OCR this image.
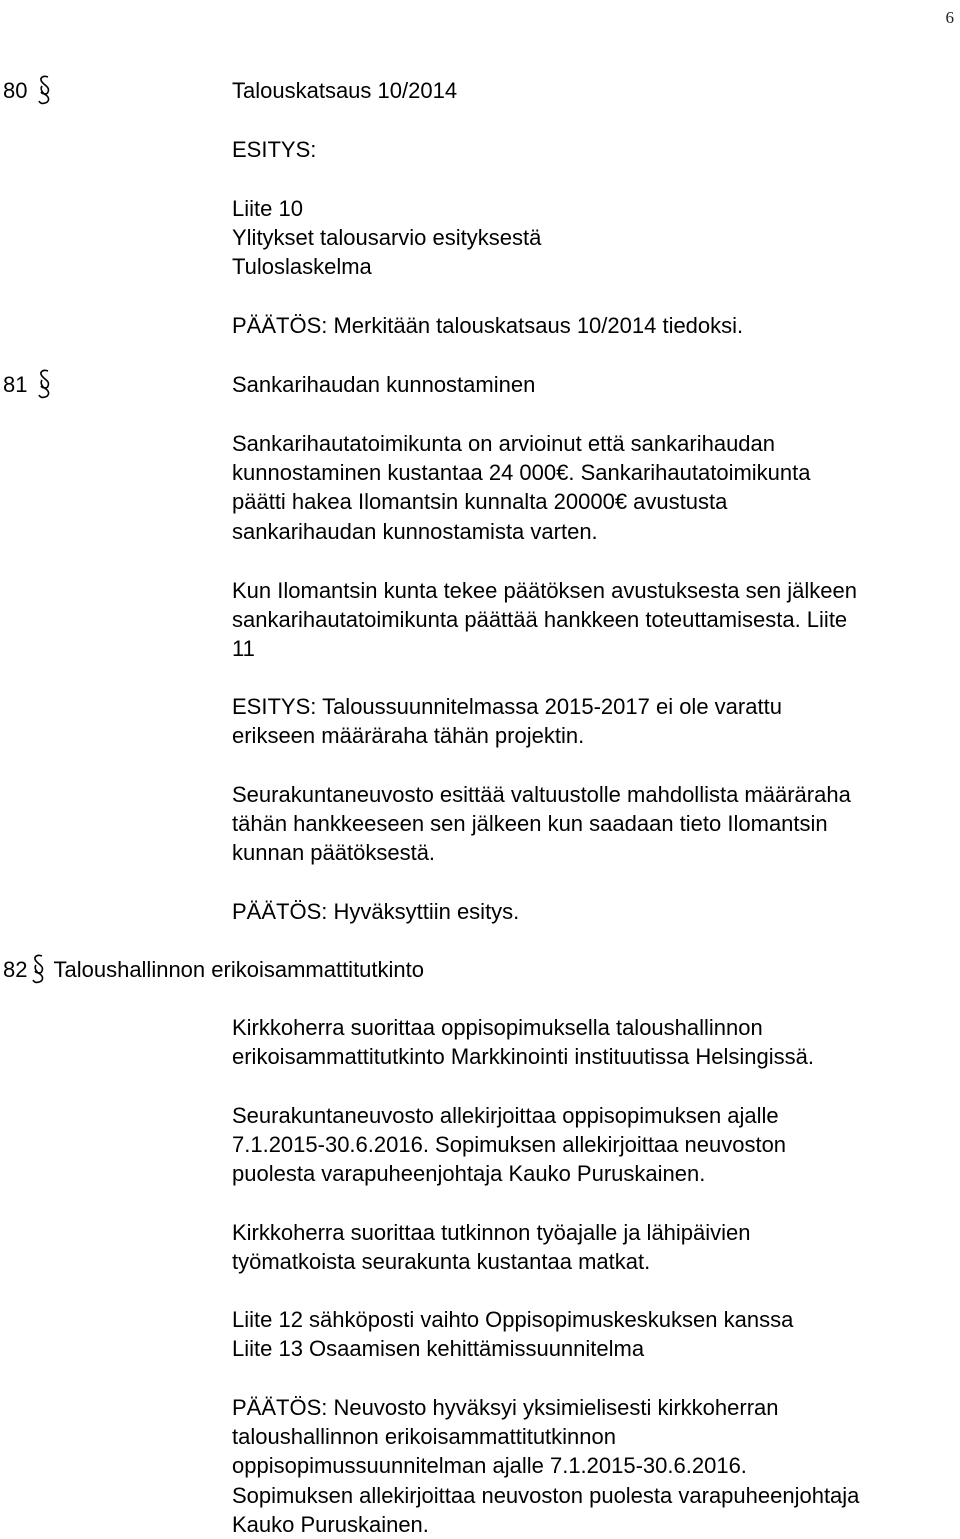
6
80	Talouskatsaus 10/2014
ESITYS:
Liite 10
Ylitykset talousarvio esityksestä
Tuloslaskelma
PÄÄTÖS: Merkitään talouskatsaus 10/2014 tiedoksi.
81	Sankarihaudan kunnostaminen
Sankarihautatoimikunta on arvioinut että sankarihaudan
kunnostaminen kustantaa 24 000€. Sankarihautatoimikunta
päätti hakea Ilomantsin kunnalta 20000€ avustusta
sankarihaudan kunnostamista varten.
Kun Ilomantsin kunta tekee päätöksen avustuksesta sen jälkeen
sankarihautatoimikunta päättää hankkeen toteuttamisesta. Liite
11
ESITYS: Taloussuunnitelmassa 2015-2017 ei ole varattu
erikseen määräraha tähän projektin.
Seurakuntaneuvosto esittää valtuustolle mahdollista määräraha
tähän hankkeeseen sen jälkeen kun saadaan tieto Ilomantsin
kunnan päätöksestä.
PÄÄTÖS: Hyväksyttiin esitys.
82 Taloushallinnon erikoisammattitutkinto
Kirkkoherra suorittaa oppisopimuksella taloushallinnon
erikoisammattitutkinto Markkinointi instituutissa Helsingissä.
Seurakuntaneuvosto allekirjoittaa oppisopimuksen ajalle
7.1.2015-30.6.2016. Sopimuksen allekirjoittaa neuvoston
puolesta varapuheenjohtaja Kauko Puruskainen.
Kirkkoherra suorittaa tutkinnon työajalle ja lähipäivien
työmatkoista seurakunta kustantaa matkat.
Liite 12 sähköposti vaihto Oppisopimuskeskuksen kanssa
Liite 13 Osaamisen kehittämissuunnitelma
PÄÄTÖS: Neuvosto hyväksyi yksimielisesti kirkkoherran
taloushallinnon erikoisammattitutkinnon
oppisopimussuunnitelman ajalle 7.1.2015-30.6.2016.
Sopimuksen allekirjoittaa neuvoston puolesta varapuheenjohtaja
Kauko Puruskainen.
